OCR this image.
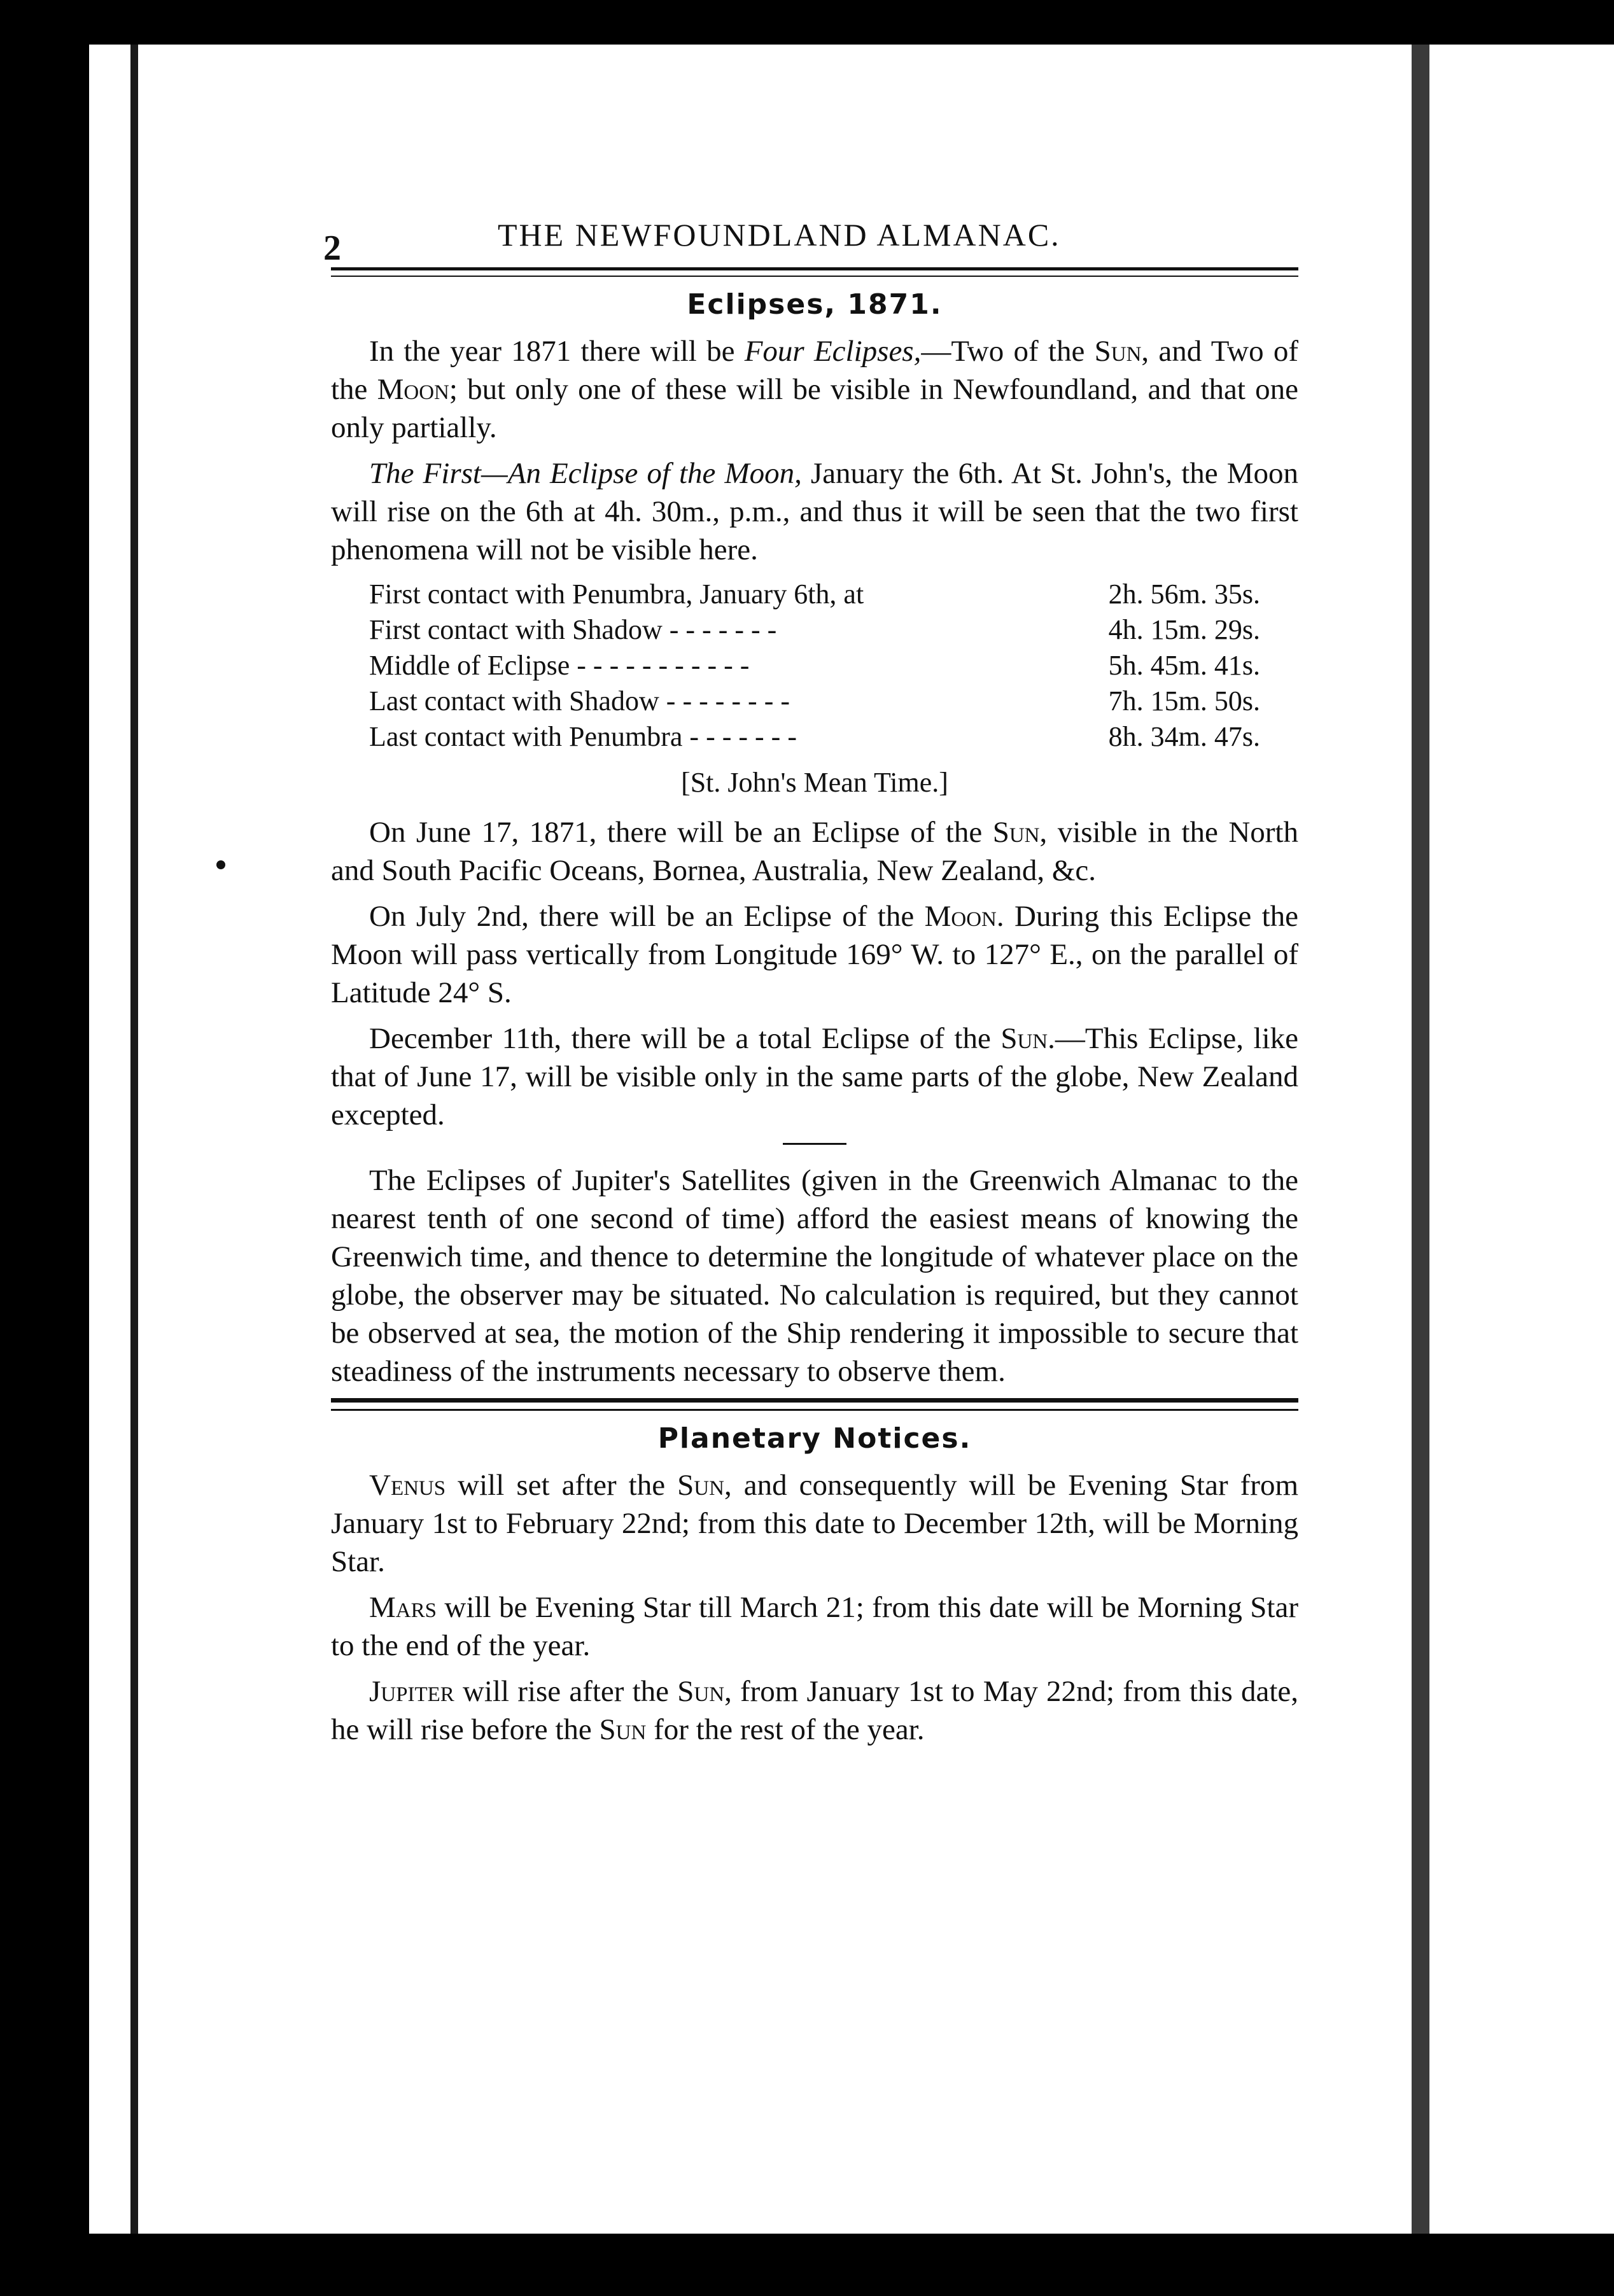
2	THE NEWFOUNDLAND ALMANAC.
Eclipses, 1871.

In the year 1871 there will be Four Eclipses,—Two of the Sun, and Two of the Moon; but only one of these will be visible in Newfoundland, and that one only partially.

The First—An Eclipse of the Moon, January the 6th. At St. John's, the Moon will rise on the 6th at 4h. 30m., p.m., and thus it will be seen that the two first phenomena will not be visible here.

First contact with Penumbra, January 6th, at	2h. 56m. 35s.
First contact with Shadow - - - - - - -	4h. 15m. 29s.
Middle of Eclipse - - - - - - - - - - -	5h. 45m. 41s.
Last contact with Shadow - - - - - - - -	7h. 15m. 50s.
Last contact with Penumbra - - - - - - -	8h. 34m. 47s.
[St. John's Mean Time.]

On June 17, 1871, there will be an Eclipse of the Sun, visible in the North and South Pacific Oceans, Bornea, Australia, New Zealand, &c.

On July 2nd, there will be an Eclipse of the Moon. During this Eclipse the Moon will pass vertically from Longitude 169° W. to 127° E., on the parallel of Latitude 24° S.

December 11th, there will be a total Eclipse of the Sun.—This Eclipse, like that of June 17, will be visible only in the same parts of the globe, New Zealand excepted.

The Eclipses of Jupiter's Satellites (given in the Greenwich Almanac to the nearest tenth of one second of time) afford the easiest means of knowing the Greenwich time, and thence to determine the longitude of whatever place on the globe, the observer may be situated. No calculation is required, but they cannot be observed at sea, the motion of the Ship rendering it impossible to secure that steadiness of the instruments necessary to observe them.

Planetary Notices.

Venus will set after the Sun, and consequently will be Evening Star from January 1st to February 22nd; from this date to December 12th, will be Morning Star.

Mars will be Evening Star till March 21; from this date will be Morning Star to the end of the year.

Jupiter will rise after the Sun, from January 1st to May 22nd; from this date, he will rise before the Sun for the rest of the year.
